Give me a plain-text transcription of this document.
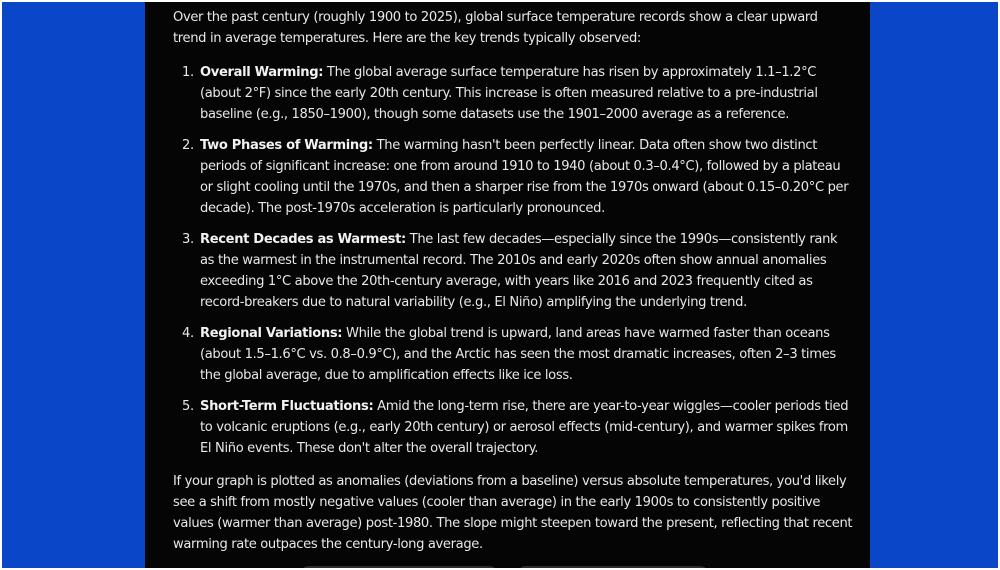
Over the past century (roughly 1900 to 2025), global surface temperature records show a clear upward trend in average temperatures. Here are the key trends typically observed:

1. Overall Warming: The global average surface temperature has risen by approximately 1.1–1.2°C (about 2°F) since the early 20th century. This increase is often measured relative to a pre-industrial baseline (e.g., 1850–1900), though some datasets use the 1901–2000 average as a reference.
2. Two Phases of Warming: The warming hasn't been perfectly linear. Data often show two distinct periods of significant increase: one from around 1910 to 1940 (about 0.3–0.4°C), followed by a plateau or slight cooling until the 1970s, and then a sharper rise from the 1970s onward (about 0.15–0.20°C per decade). The post-1970s acceleration is particularly pronounced.
3. Recent Decades as Warmest: The last few decades—especially since the 1990s—consistently rank as the warmest in the instrumental record. The 2010s and early 2020s often show annual anomalies exceeding 1°C above the 20th-century average, with years like 2016 and 2023 frequently cited as record-breakers due to natural variability (e.g., El Niño) amplifying the underlying trend.
4. Regional Variations: While the global trend is upward, land areas have warmed faster than oceans (about 1.5–1.6°C vs. 0.8–0.9°C), and the Arctic has seen the most dramatic increases, often 2–3 times the global average, due to amplification effects like ice loss.
5. Short-Term Fluctuations: Amid the long-term rise, there are year-to-year wiggles—cooler periods tied to volcanic eruptions (e.g., early 20th century) or aerosol effects (mid-century), and warmer spikes from El Niño events. These don't alter the overall trajectory.

If your graph is plotted as anomalies (deviations from a baseline) versus absolute temperatures, you'd likely see a shift from mostly negative values (cooler than average) in the early 1900s to consistently positive values (warmer than average) post-1980. The slope might steepen toward the present, reflecting that recent warming rate outpaces the century-long average.
